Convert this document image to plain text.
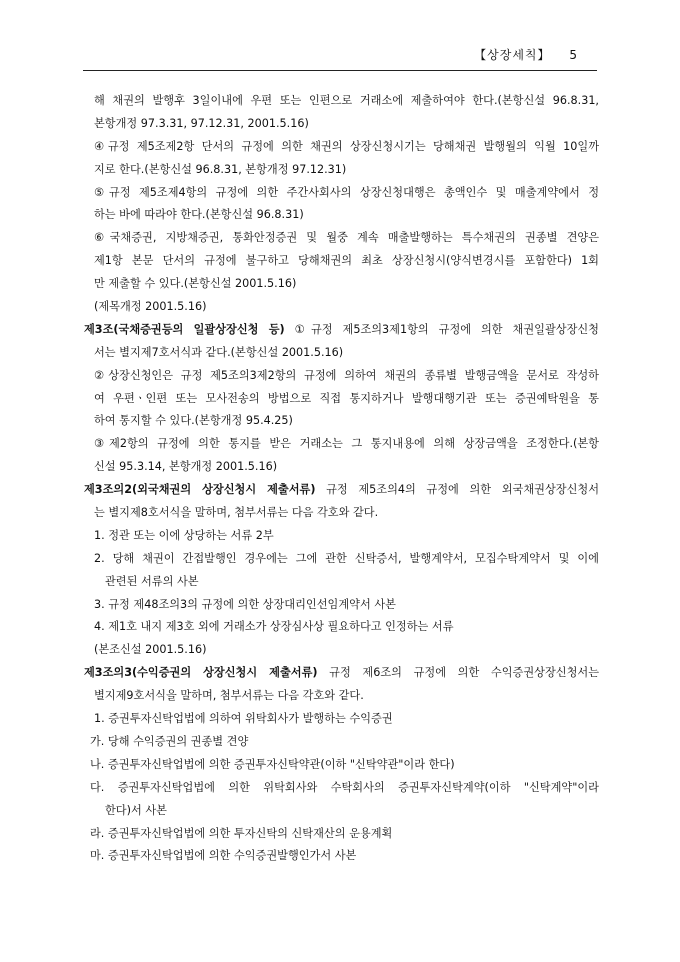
【상장세칙】 5
해 채권의 발행후 3일이내에 우편 또는 인편으로 거래소에 제출하여야 한다.(본항신설 96.8.31,
본항개정 97.3.31, 97.12.31, 2001.5.16)
④규정 제5조제2항 단서의 규정에 의한 채권의 상장신청시기는 당해채권 발행월의 익월 10일까
지로 한다.(본항신설 96.8.31, 본항개정 97.12.31)
⑤규정 제5조제4항의 규정에 의한 주간사회사의 상장신청대행은 총액인수 및 매출계약에서 정
하는 바에 따라야 한다.(본항신설 96.8.31)
⑥국채증권, 지방채증권, 통화안정증권 및 월중 계속 매출발행하는 특수채권의 권종별 견양은
제1항 본문 단서의 규정에 불구하고 당해채권의 최초 상장신청시(양식변경시를 포함한다) 1회
만 제출할 수 있다.(본항신설 2001.5.16)
(제목개정 2001.5.16)
제3조(국채증권등의 일괄상장신청 등) ①규정 제5조의3제1항의 규정에 의한 채권일괄상장신청
서는 별지제7호서식과 같다.(본항신설 2001.5.16)
②상장신청인은 규정 제5조의3제2항의 규정에 의하여 채권의 종류별 발행금액을 문서로 작성하
여 우편ㆍ인편 또는 모사전송의 방법으로 직접 통지하거나 발행대행기관 또는 증권예탁원을 통
하여 통지할 수 있다.(본항개정 95.4.25)
③제2항의 규정에 의한 통지를 받은 거래소는 그 통지내용에 의해 상장금액을 조정한다.(본항
신설 95.3.14, 본항개정 2001.5.16)
제3조의2(외국채권의 상장신청시 제출서류) 규정 제5조의4의 규정에 의한 외국채권상장신청서
는 별지제8호서식을 말하며, 첨부서류는 다음 각호와 같다.
1. 정관 또는 이에 상당하는 서류 2부
2. 당해 채권이 간접발행인 경우에는 그에 관한 신탁증서, 발행계약서, 모집수탁계약서 및 이에
관련된 서류의 사본
3. 규정 제48조의3의 규정에 의한 상장대리인선임계약서 사본
4. 제1호 내지 제3호 외에 거래소가 상장심사상 필요하다고 인정하는 서류
(본조신설 2001.5.16)
제3조의3(수익증권의 상장신청시 제출서류) 규정 제6조의 규정에 의한 수익증권상장신청서는
별지제9호서식을 말하며, 첨부서류는 다음 각호와 같다.
1. 증권투자신탁업법에 의하여 위탁회사가 발행하는 수익증권
가. 당해 수익증권의 권종별 견양
나. 증권투자신탁업법에 의한 증권투자신탁약관(이하 "신탁약관"이라 한다)
다. 증권투자신탁업법에 의한 위탁회사와 수탁회사의 증권투자신탁계약(이하 "신탁계약"이라
한다)서 사본
라. 증권투자신탁업법에 의한 투자신탁의 신탁재산의 운용계획
마. 증권투자신탁업법에 의한 수익증권발행인가서 사본
